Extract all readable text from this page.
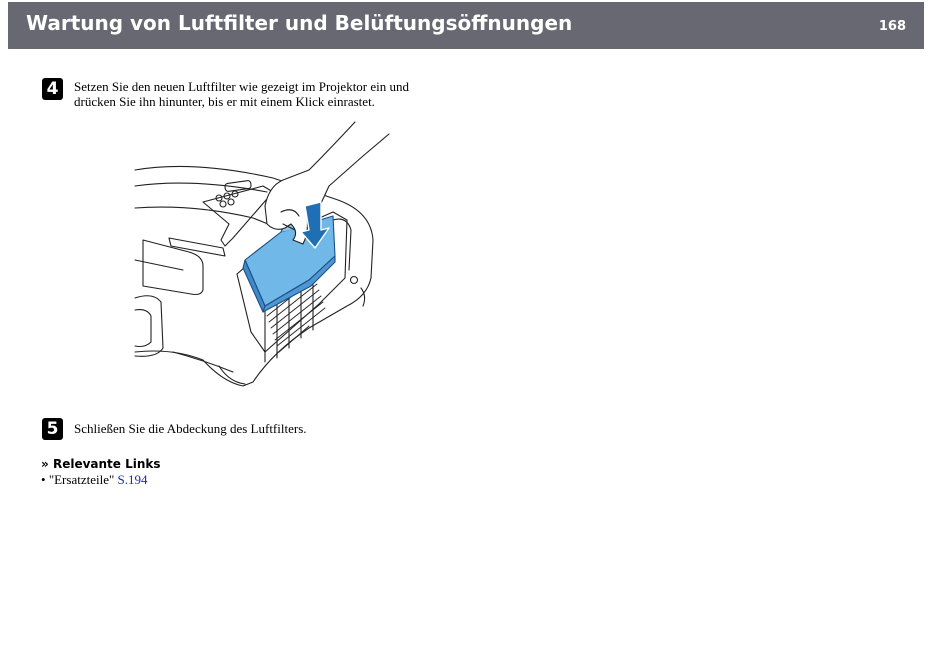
Wartung von Luftfilter und Belüftungsöffnungen	168
4	Setzen Sie den neuen Luftfilter wie gezeigt im Projektor ein und
drücken Sie ihn hinunter, bis er mit einem Klick einrastet.
5	Schließen Sie die Abdeckung des Luftfilters.
» Relevante Links
• "Ersatzteile" S.194
